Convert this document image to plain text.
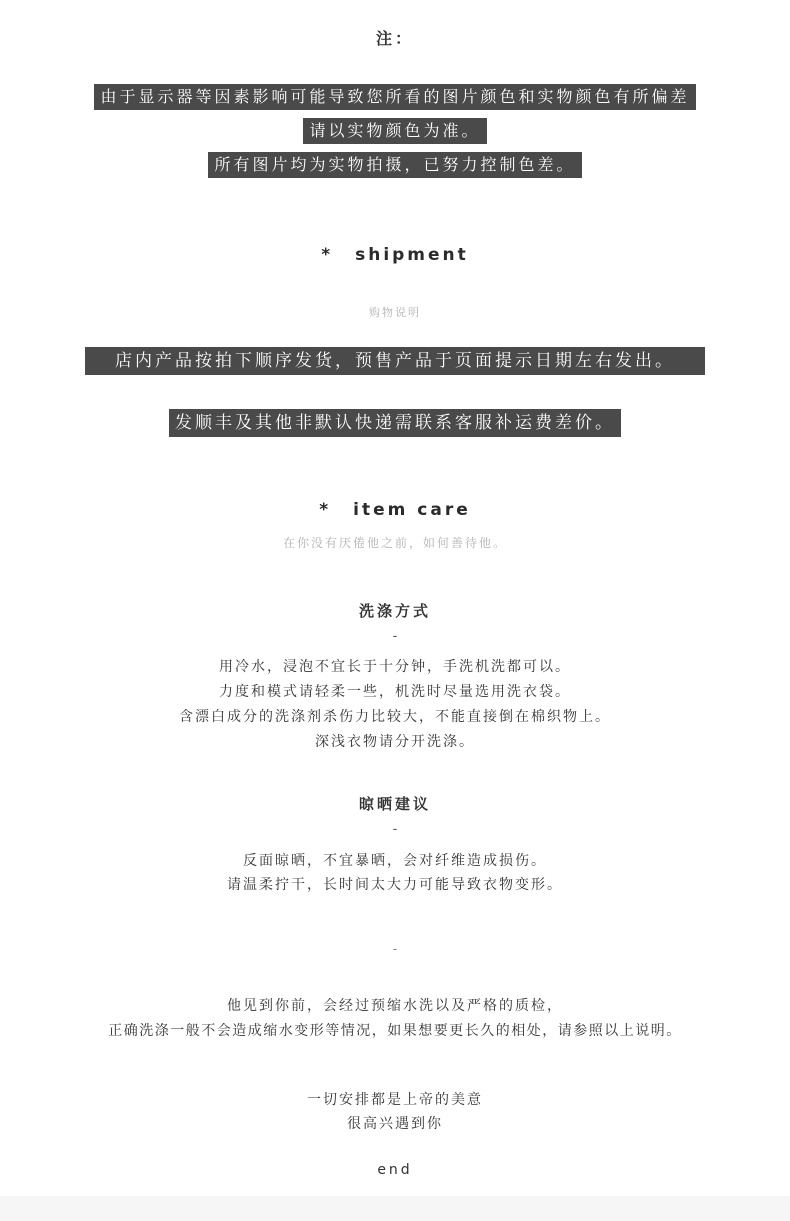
注：
由于显示器等因素影响可能导致您所看的图片颜色和实物颜色有所偏差
请以实物颜色为准。
所有图片均为实物拍摄，已努力控制色差。
* shipment
购物说明
店内产品按拍下顺序发货，预售产品于页面提示日期左右发出。
发顺丰及其他非默认快递需联系客服补运费差价。
* item care
在你没有厌倦他之前，如何善待他。
洗涤方式
-
用冷水，浸泡不宜长于十分钟，手洗机洗都可以。
力度和模式请轻柔一些，机洗时尽量选用洗衣袋。
含漂白成分的洗涤剂杀伤力比较大，不能直接倒在棉织物上。
深浅衣物请分开洗涤。
晾晒建议
-
反面晾晒，不宜暴晒，会对纤维造成损伤。
请温柔拧干，长时间太大力可能导致衣物变形。
-
他见到你前，会经过预缩水洗以及严格的质检，
正确洗涤一般不会造成缩水变形等情况，如果想要更长久的相处，请参照以上说明。
一切安排都是上帝的美意
很高兴遇到你
end
